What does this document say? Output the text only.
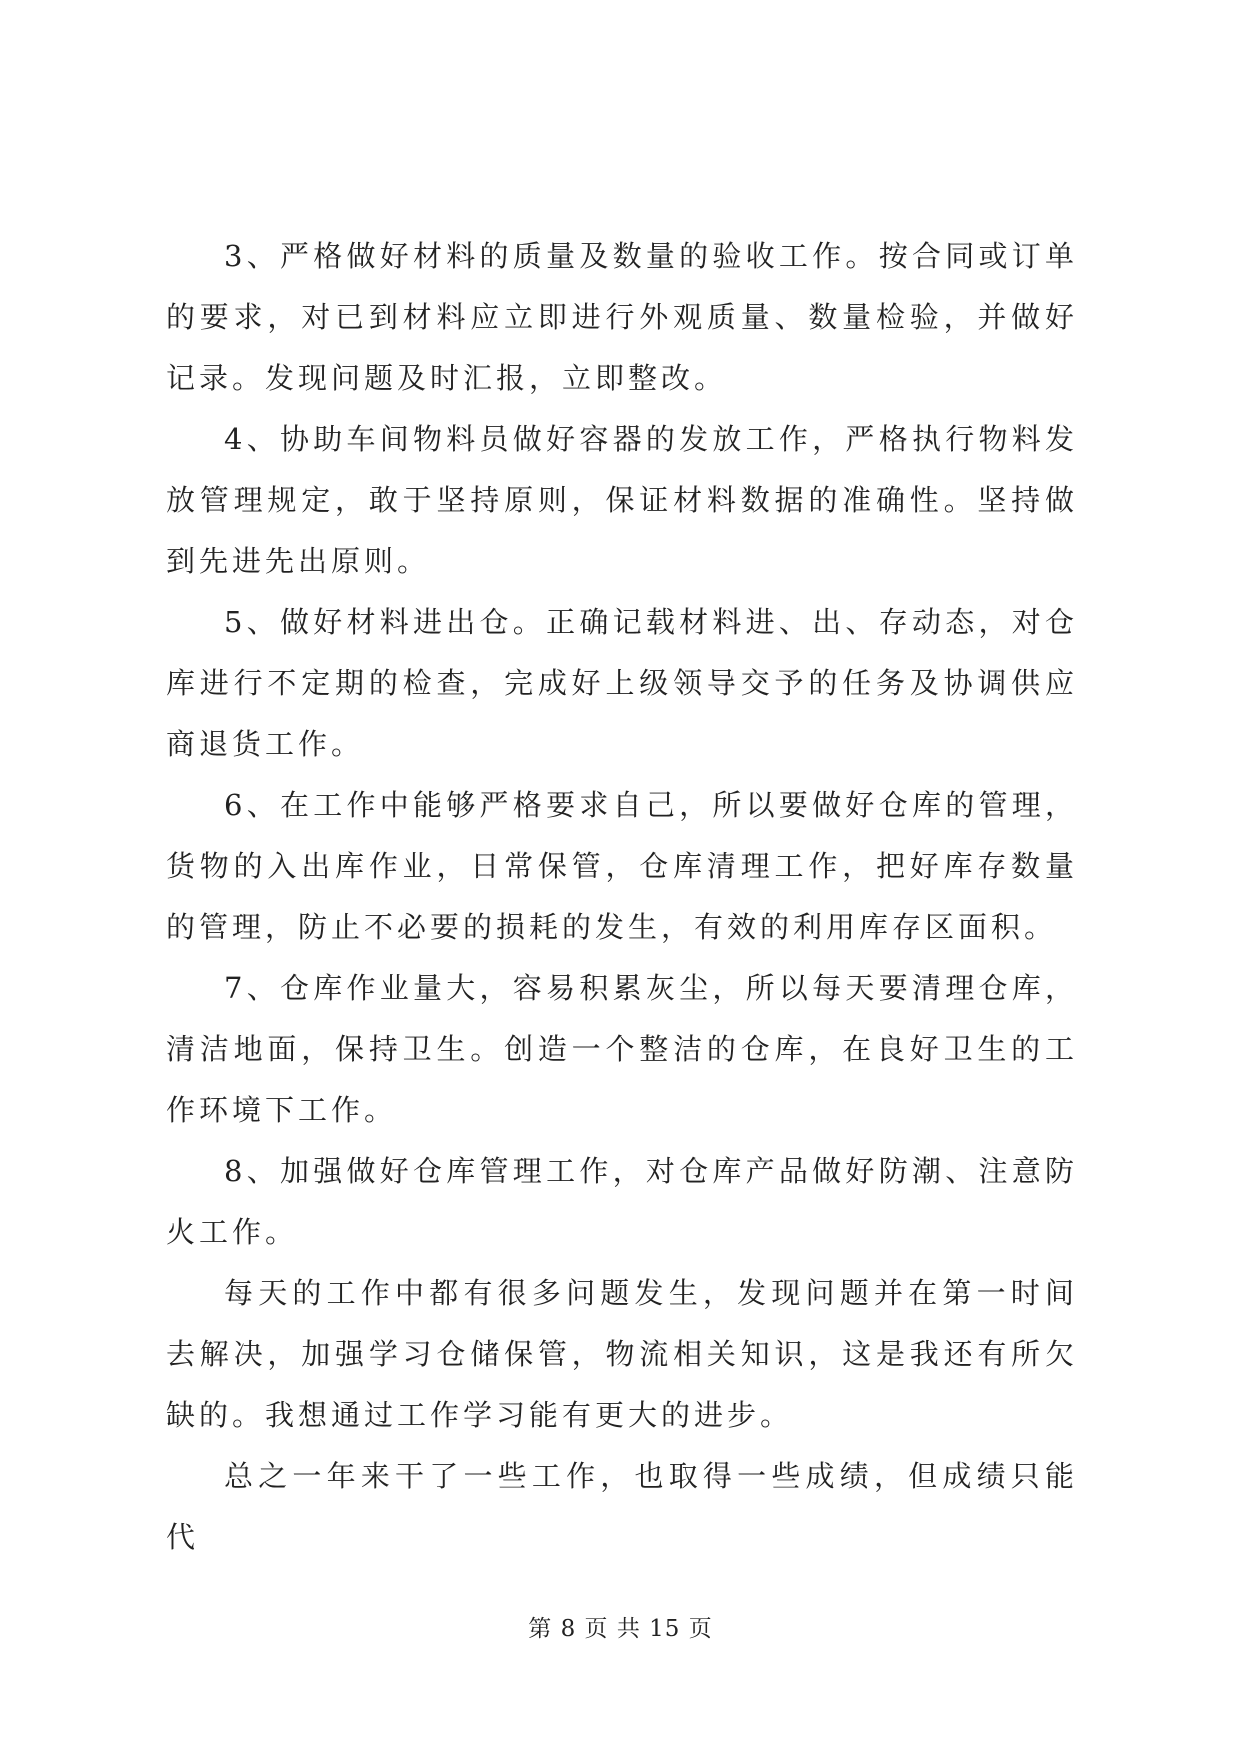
3、严格做好材料的质量及数量的验收工作。按合同或订单的要求，对已到材料应立即进行外观质量、数量检验，并做好记录。发现问题及时汇报，立即整改。

4、协助车间物料员做好容器的发放工作，严格执行物料发放管理规定，敢于坚持原则，保证材料数据的准确性。坚持做到先进先出原则。

5、做好材料进出仓。正确记载材料进、出、存动态，对仓库进行不定期的检查，完成好上级领导交予的任务及协调供应商退货工作。

6、在工作中能够严格要求自己，所以要做好仓库的管理，货物的入出库作业，日常保管，仓库清理工作，把好库存数量的管理，防止不必要的损耗的发生，有效的利用库存区面积。

7、仓库作业量大，容易积累灰尘，所以每天要清理仓库，清洁地面，保持卫生。创造一个整洁的仓库，在良好卫生的工作环境下工作。

8、加强做好仓库管理工作，对仓库产品做好防潮、注意防火工作。

每天的工作中都有很多问题发生，发现问题并在第一时间去解决，加强学习仓储保管，物流相关知识，这是我还有所欠缺的。我想通过工作学习能有更大的进步。

总之一年来干了一些工作，也取得一些成绩，但成绩只能代

第 8 页 共 15 页
